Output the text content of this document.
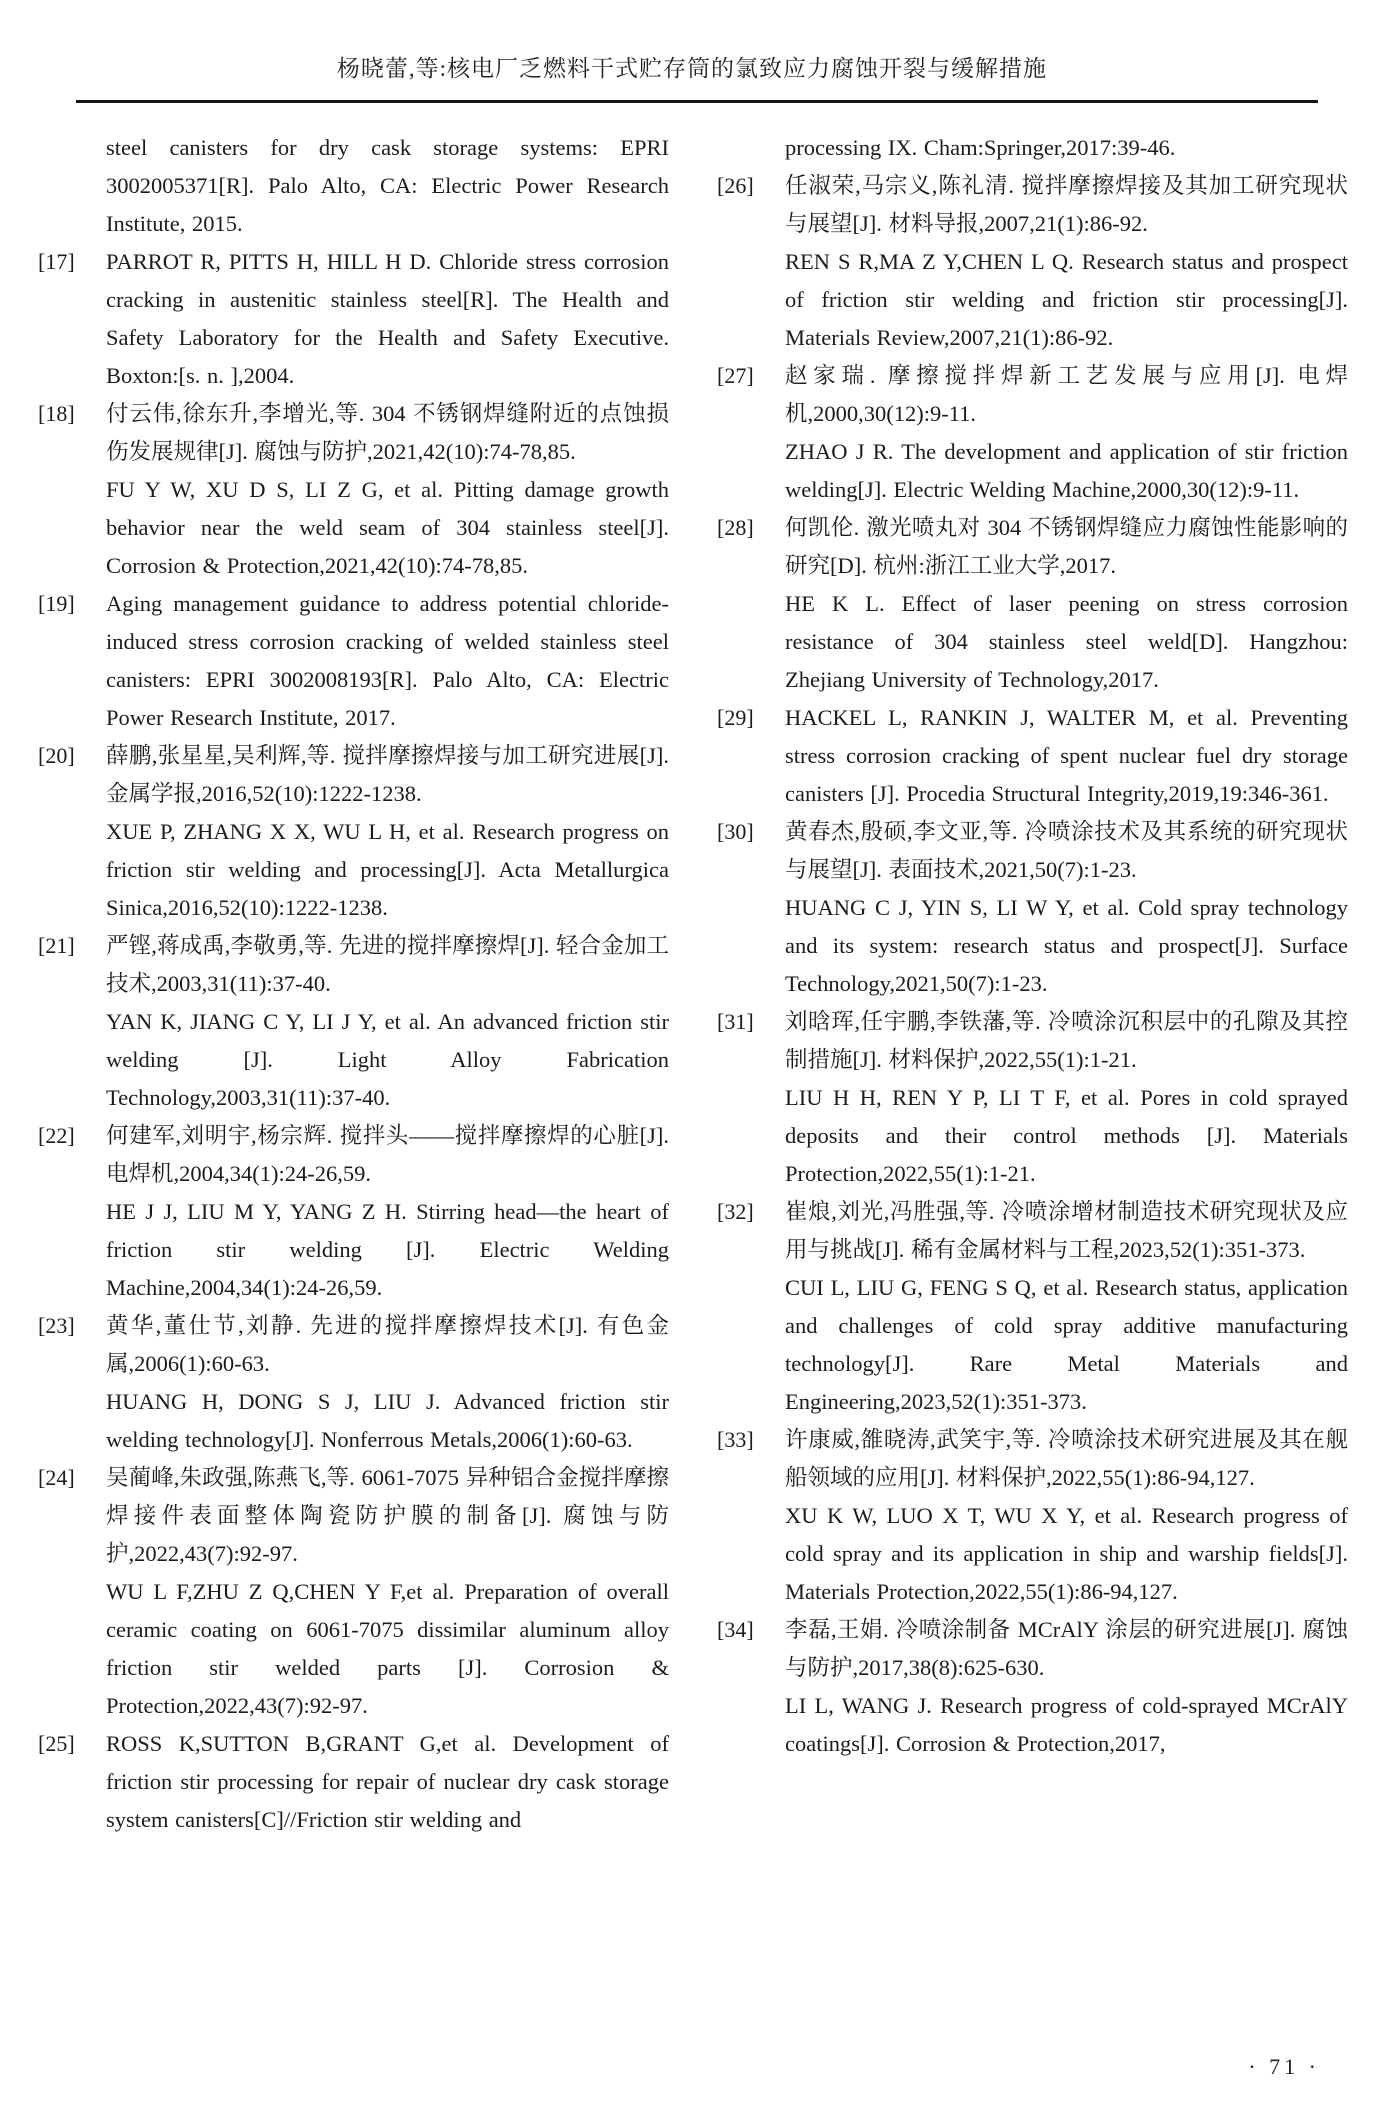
杨晓蕾,等:核电厂乏燃料干式贮存筒的氯致应力腐蚀开裂与缓解措施

steel canisters for dry cask storage systems: EPRI 3002005371[R]. Palo Alto, CA: Electric Power Research Institute, 2015.

[17]	PARROT R, PITTS H, HILL H D. Chloride stress corrosion cracking in austenitic stainless steel[R]. The Health and Safety Laboratory for the Health and Safety Executive. Boxton:[s. n. ],2004.

[18]	付云伟,徐东升,李增光,等. 304 不锈钢焊缝附近的点蚀损伤发展规律[J]. 腐蚀与防护,2021,42(10):74-78,85.

FU Y W, XU D S, LI Z G, et al. Pitting damage growth behavior near the weld seam of 304 stainless steel[J]. Corrosion & Protection,2021,42(10):74-78,85.

[19]	Aging management guidance to address potential chloride-induced stress corrosion cracking of welded stainless steel canisters: EPRI 3002008193[R]. Palo Alto, CA: Electric Power Research Institute, 2017.

[20]	薛鹏,张星星,吴利辉,等. 搅拌摩擦焊接与加工研究进展[J]. 金属学报,2016,52(10):1222-1238.

XUE P, ZHANG X X, WU L H, et al. Research progress on friction stir welding and processing[J]. Acta Metallurgica Sinica,2016,52(10):1222-1238.

[21]	严铿,蒋成禹,李敬勇,等. 先进的搅拌摩擦焊[J]. 轻合金加工技术,2003,31(11):37-40.

YAN K, JIANG C Y, LI J Y, et al. An advanced friction stir welding [J]. Light Alloy Fabrication Technology,2003,31(11):37-40.

[22]	何建军,刘明宇,杨宗辉. 搅拌头——搅拌摩擦焊的心脏[J]. 电焊机,2004,34(1):24-26,59.

HE J J, LIU M Y, YANG Z H. Stirring head—the heart of friction stir welding [J]. Electric Welding Machine,2004,34(1):24-26,59.

[23]	黄华,董仕节,刘静. 先进的搅拌摩擦焊技术[J]. 有色金属,2006(1):60-63.

HUANG H, DONG S J, LIU J. Advanced friction stir welding technology[J]. Nonferrous Metals,2006(1):60-63.

[24]	吴蔺峰,朱政强,陈燕飞,等. 6061-7075 异种铝合金搅拌摩擦焊接件表面整体陶瓷防护膜的制备[J]. 腐蚀与防护,2022,43(7):92-97.

WU L F,ZHU Z Q,CHEN Y F,et al. Preparation of overall ceramic coating on 6061-7075 dissimilar aluminum alloy friction stir welded parts [J]. Corrosion & Protection,2022,43(7):92-97.

[25]	ROSS K,SUTTON B,GRANT G,et al. Development of friction stir processing for repair of nuclear dry cask storage system canisters[C]//Friction stir welding and

processing IX. Cham:Springer,2017:39-46.

[26]	任淑荣,马宗义,陈礼清. 搅拌摩擦焊接及其加工研究现状与展望[J]. 材料导报,2007,21(1):86-92.

REN S R,MA Z Y,CHEN L Q. Research status and prospect of friction stir welding and friction stir processing[J]. Materials Review,2007,21(1):86-92.

[27]	赵家瑞. 摩擦搅拌焊新工艺发展与应用[J]. 电焊机,2000,30(12):9-11.

ZHAO J R. The development and application of stir friction welding[J]. Electric Welding Machine,2000,30(12):9-11.

[28]	何凯伦. 激光喷丸对 304 不锈钢焊缝应力腐蚀性能影响的研究[D]. 杭州:浙江工业大学,2017.

HE K L. Effect of laser peening on stress corrosion resistance of 304 stainless steel weld[D]. Hangzhou: Zhejiang University of Technology,2017.

[29]	HACKEL L, RANKIN J, WALTER M, et al. Preventing stress corrosion cracking of spent nuclear fuel dry storage canisters [J]. Procedia Structural Integrity,2019,19:346-361.

[30]	黄春杰,殷硕,李文亚,等. 冷喷涂技术及其系统的研究现状与展望[J]. 表面技术,2021,50(7):1-23.

HUANG C J, YIN S, LI W Y, et al. Cold spray technology and its system: research status and prospect[J]. Surface Technology,2021,50(7):1-23.

[31]	刘晗珲,任宇鹏,李铁藩,等. 冷喷涂沉积层中的孔隙及其控制措施[J]. 材料保护,2022,55(1):1-21.

LIU H H, REN Y P, LI T F, et al. Pores in cold sprayed deposits and their control methods [J]. Materials Protection,2022,55(1):1-21.

[32]	崔烺,刘光,冯胜强,等. 冷喷涂增材制造技术研究现状及应用与挑战[J]. 稀有金属材料与工程,2023,52(1):351-373.

CUI L, LIU G, FENG S Q, et al. Research status, application and challenges of cold spray additive manufacturing technology[J]. Rare Metal Materials and Engineering,2023,52(1):351-373.

[33]	许康威,雒晓涛,武笑宇,等. 冷喷涂技术研究进展及其在舰船领域的应用[J]. 材料保护,2022,55(1):86-94,127.

XU K W, LUO X T, WU X Y, et al. Research progress of cold spray and its application in ship and warship fields[J]. Materials Protection,2022,55(1):86-94,127.

[34]	李磊,王娟. 冷喷涂制备 MCrAlY 涂层的研究进展[J]. 腐蚀与防护,2017,38(8):625-630.

LI L, WANG J. Research progress of cold-sprayed MCrAlY coatings[J]. Corrosion & Protection,2017,

· 71 ·
